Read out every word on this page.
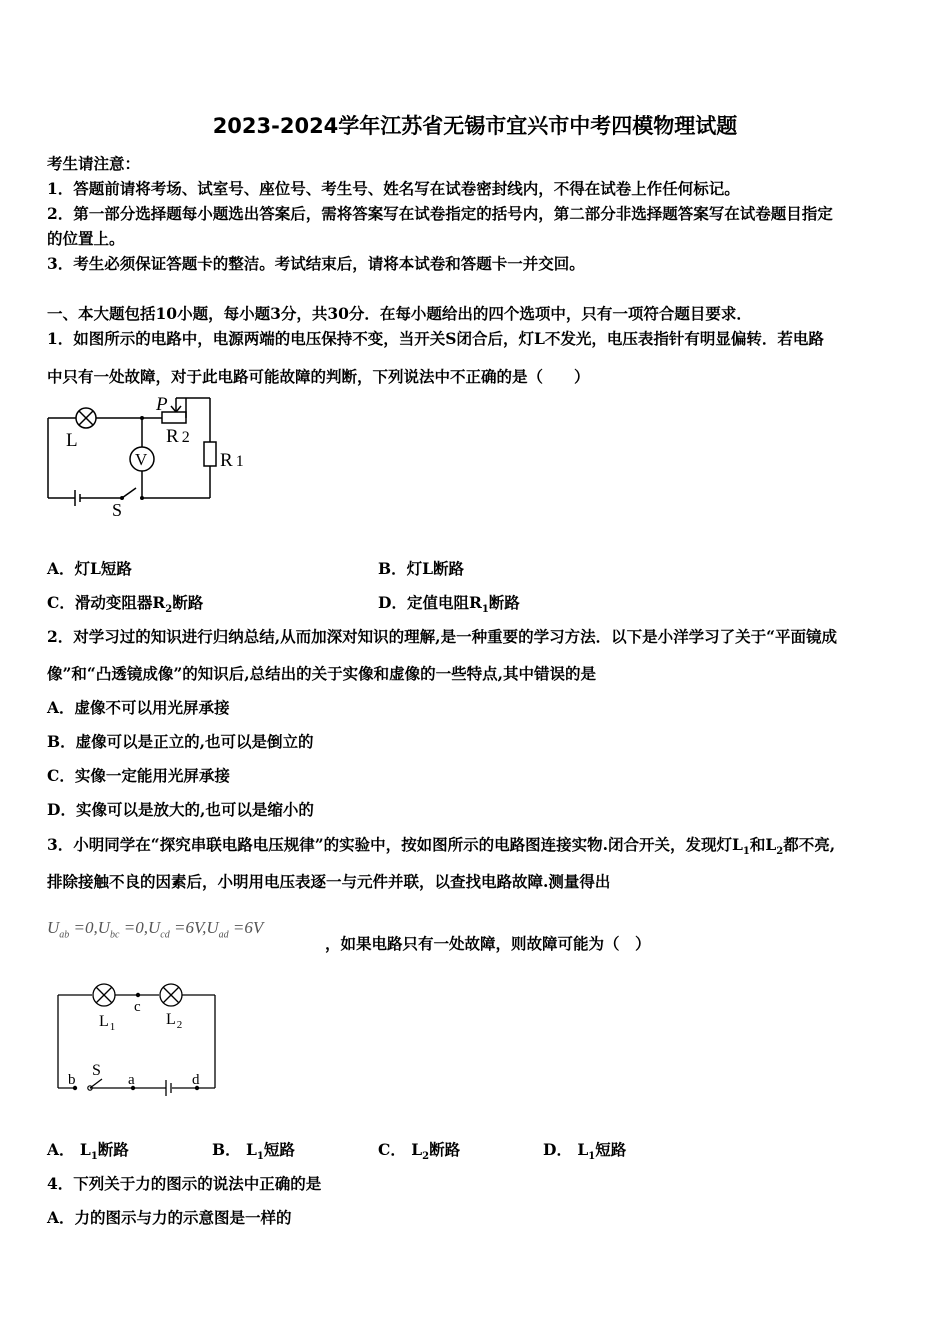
2023-2024学年江苏省无锡市宜兴市中考四模物理试题
考生请注意：
1．答题前请将考场、试室号、座位号、考生号、姓名写在试卷密封线内，不得在试卷上作任何标记。
2．第一部分选择题每小题选出答案后，需将答案写在试卷指定的括号内，第二部分非选择题答案写在试卷题目指定
的位置上。
3．考生必须保证答题卡的整洁。考试结束后，请将本试卷和答题卡一并交回。
一、本大题包括10小题，每小题3分，共30分．在每小题给出的四个选项中，只有一项符合题目要求．
1．如图所示的电路中，电源两端的电压保持不变，当开关S闭合后，灯L不发光，电压表指针有明显偏转．若电路
中只有一处故障，对于此电路可能故障的判断，下列说法中不正确的是（　　）
L
P
R 2
R 1
V
S
A．灯L短路	B．灯L断路
C．滑动变阻器$R_2$断路	D．定值电阻$R_1$断路
2．对学习过的知识进行归纳总结,从而加深对知识的理解,是一种重要的学习方法．以下是小洋学习了关于“平面镜成
像”和“凸透镜成像”的知识后,总结出的关于实像和虚像的一些特点,其中错误的是
A．虚像不可以用光屏承接
B．虚像可以是正立的,也可以是倒立的
C．实像一定能用光屏承接
D．实像可以是放大的,也可以是缩小的
3．小明同学在“探究串联电路电压规律”的实验中，按如图所示的电路图连接实物.闭合开关，发现灯$L_1$和$L_2$都不亮,
排除接触不良的因素后，小明用电压表逐一与元件并联，以查找电路故障.测量得出
$U_{ab} =0,U_{bc} =0,U_{cd} =6V,U_{ad} =6V$
，如果电路只有一处故障，则故障可能为（　）
c
$L_1$	$L_2$
b
S
a	d
A． $L_1$断路	B． $L_1$短路	C． $L_2$断路	D． $L_1$短路
4．下列关于力的图示的说法中正确的是
A．力的图示与力的示意图是一样的
